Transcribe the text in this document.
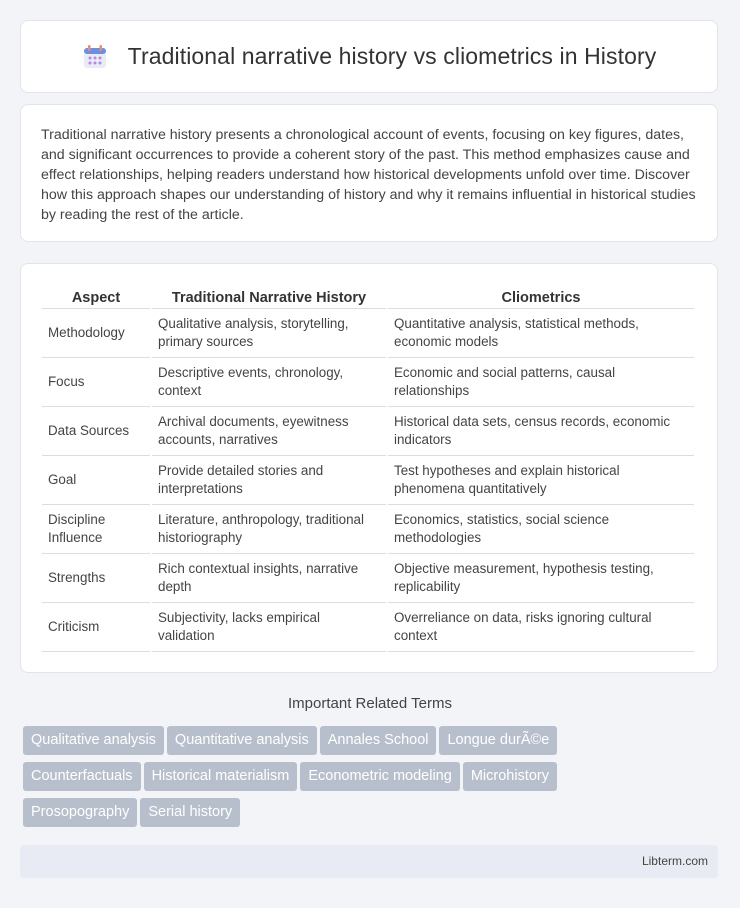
Traditional narrative history vs cliometrics in History

Traditional narrative history presents a chronological account of events, focusing on key figures, dates, and significant occurrences to provide a coherent story of the past. This method emphasizes cause and effect relationships, helping readers understand how historical developments unfold over time. Discover how this approach shapes our understanding of history and why it remains influential in historical studies by reading the rest of the article.

Aspect	Traditional Narrative History	Cliometrics
Methodology	Qualitative analysis, storytelling, primary sources	Quantitative analysis, statistical methods, economic models
Focus	Descriptive events, chronology, context	Economic and social patterns, causal relationships
Data Sources	Archival documents, eyewitness accounts, narratives	Historical data sets, census records, economic indicators
Goal	Provide detailed stories and interpretations	Test hypotheses and explain historical phenomena quantitatively
Discipline Influence	Literature, anthropology, traditional historiography	Economics, statistics, social science methodologies
Strengths	Rich contextual insights, narrative depth	Objective measurement, hypothesis testing, replicability
Criticism	Subjectivity, lacks empirical validation	Overreliance on data, risks ignoring cultural context
Important Related Terms
Qualitative analysis Quantitative analysis Annales School Longue durÃ©e
Counterfactuals Historical materialism Econometric modeling Microhistory
Prosopography Serial history
Libterm.com
